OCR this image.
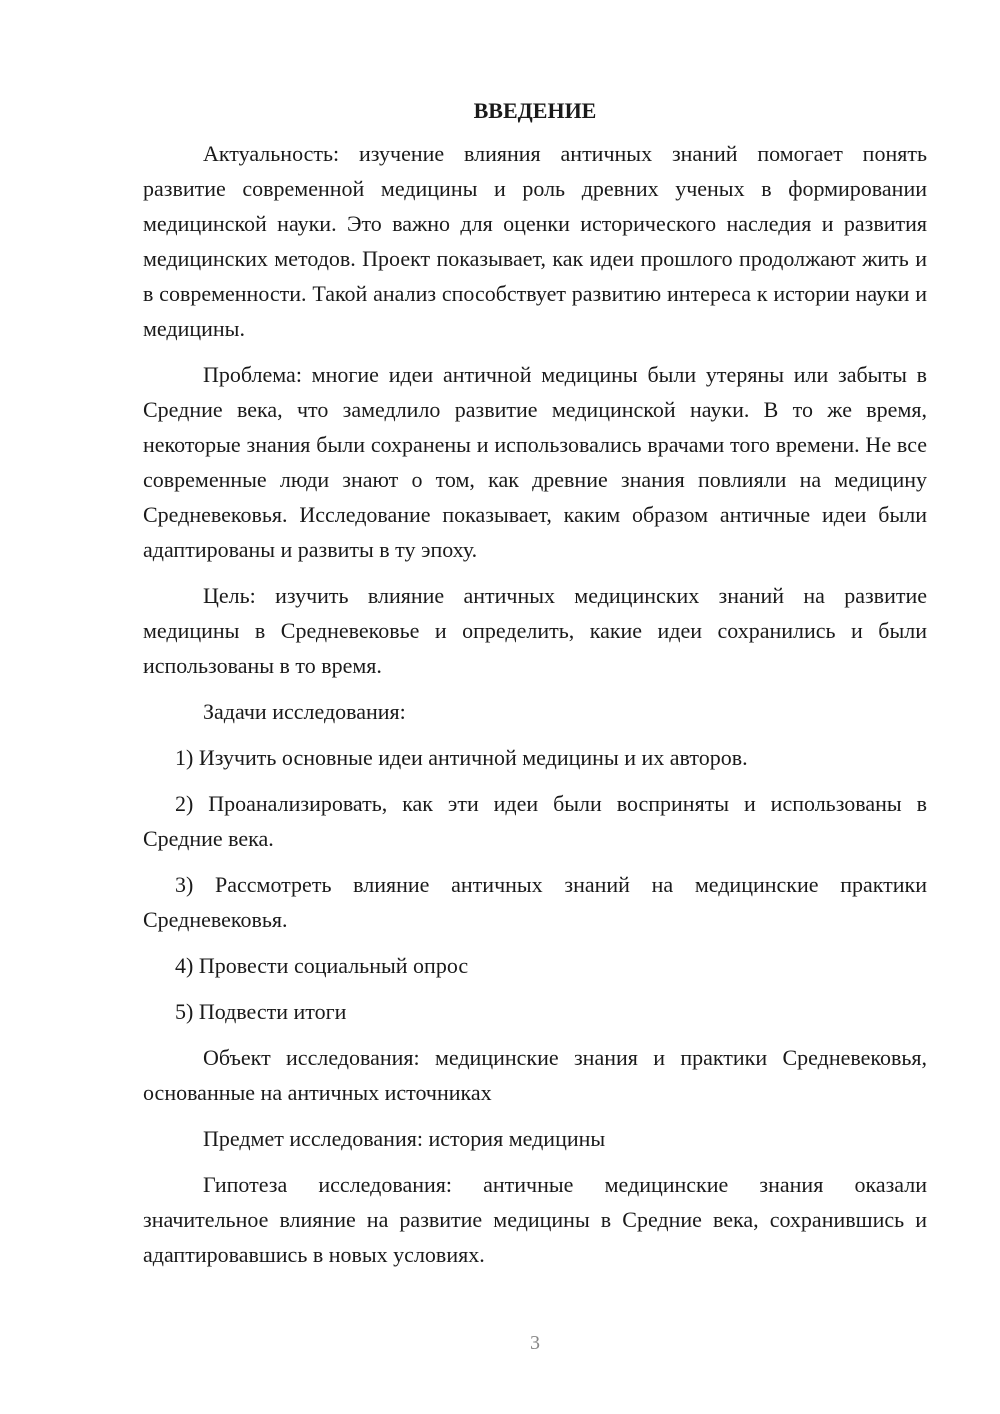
ВВЕДЕНИЕ

Актуальность: изучение влияния античных знаний помогает понять развитие современной медицины и роль древних ученых в формировании медицинской науки. Это важно для оценки исторического наследия и развития медицинских методов. Проект показывает, как идеи прошлого продолжают жить и в современности. Такой анализ способствует развитию интереса к истории науки и медицины.

Проблема: многие идеи античной медицины были утеряны или забыты в Средние века, что замедлило развитие медицинской науки. В то же время, некоторые знания были сохранены и использовались врачами того времени. Не все современные люди знают о том, как древние знания повлияли на медицину Средневековья. Исследование показывает, каким образом античные идеи были адаптированы и развиты в ту эпоху.

Цель: изучить влияние античных медицинских знаний на развитие медицины в Средневековье и определить, какие идеи сохранились и были использованы в то время.

Задачи исследования:

1) Изучить основные идеи античной медицины и их авторов.

2) Проанализировать, как эти идеи были восприняты и использованы в Средние века.

3) Рассмотреть влияние античных знаний на медицинские практики Средневековья.

4) Провести социальный опрос

5) Подвести итоги

Объект исследования: медицинские знания и практики Средневековья, основанные на античных источниках

Предмет исследования: история медицины

Гипотеза исследования: античные медицинские знания оказали значительное влияние на развитие медицины в Средние века, сохранившись и адаптировавшись в новых условиях.

3
